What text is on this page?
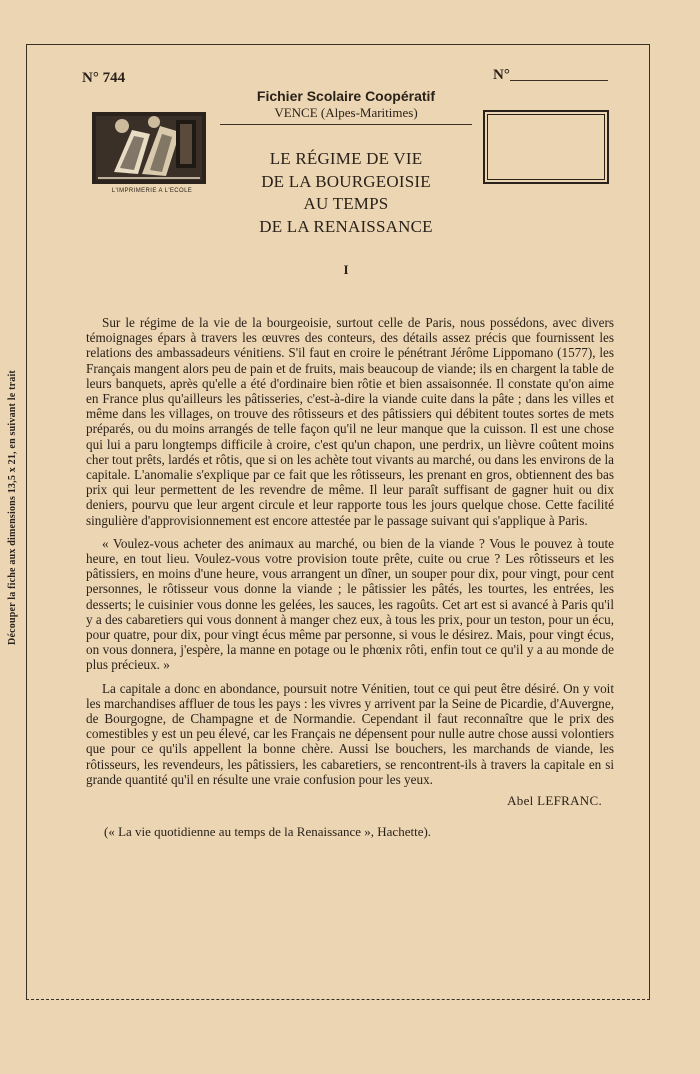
Découper la fiche aux dimensions 13,5 x 21, en suivant le trait
N° 744	N°
Fichier Scolaire Coopératif
VENCE (Alpes-Maritimes)
L'IMPRIMERIE A L'ECOLE
LE RÉGIME DE VIE
DE LA BOURGEOISIE
AU TEMPS
DE LA RENAISSANCE
I

Sur le régime de la vie de la bourgeoisie, surtout celle de Paris, nous possédons, avec divers témoignages épars à travers les œuvres des conteurs, des détails assez précis que fournissent les relations des ambassadeurs vénitiens. S'il faut en croire le pénétrant Jérôme Lippomano (1577), les Français mangent alors peu de pain et de fruits, mais beaucoup de viande; ils en chargent la table de leurs banquets, après qu'elle a été d'ordinaire bien rôtie et bien assaisonnée. Il constate qu'on aime en France plus qu'ailleurs les pâtisseries, c'est-à-dire la viande cuite dans la pâte ; dans les villes et même dans les villages, on trouve des rôtisseurs et des pâtissiers qui débitent toutes sortes de mets préparés, ou du moins arrangés de telle façon qu'il ne leur manque que la cuisson. Il est une chose qui lui a paru longtemps difficile à croire, c'est qu'un chapon, une perdrix, un lièvre coûtent moins cher tout prêts, lardés et rôtis, que si on les achète tout vivants au marché, ou dans les environs de la capitale. L'anomalie s'explique par ce fait que les rôtisseurs, les prenant en gros, obtiennent des bas prix qui leur permettent de les revendre de même. Il leur paraît suffisant de gagner huit ou dix deniers, pourvu que leur argent circule et leur rapporte tous les jours quelque chose. Cette facilité singulière d'approvisionnement est encore attestée par le passage suivant qui s'applique à Paris.

« Voulez-vous acheter des animaux au marché, ou bien de la viande ? Vous le pouvez à toute heure, en tout lieu. Voulez-vous votre provision toute prête, cuite ou crue ? Les rôtisseurs et les pâtissiers, en moins d'une heure, vous arrangent un dîner, un souper pour dix, pour vingt, pour cent personnes, le rôtisseur vous donne la viande ; le pâtissier les pâtés, les tourtes, les entrées, les desserts; le cuisinier vous donne les gelées, les sauces, les ragoûts. Cet art est si avancé à Paris qu'il y a des cabaretiers qui vous donnent à manger chez eux, à tous les prix, pour un teston, pour un écu, pour quatre, pour dix, pour vingt écus même par personne, si vous le désirez. Mais, pour vingt écus, on vous donnera, j'espère, la manne en potage ou le phœnix rôti, enfin tout ce qu'il y a au monde de plus précieux. »

La capitale a donc en abondance, poursuit notre Vénitien, tout ce qui peut être désiré. On y voit les marchandises affluer de tous les pays : les vivres y arrivent par la Seine de Picardie, d'Auvergne, de Bourgogne, de Champagne et de Normandie. Cependant il faut reconnaître que le prix des comestibles y est un peu élevé, car les Français ne dépensent pour nulle autre chose aussi volontiers que pour ce qu'ils appellent la bonne chère. Aussi lse bouchers, les marchands de viande, les rôtisseurs, les revendeurs, les pâtissiers, les cabaretiers, se rencontrent-ils à travers la capitale en si grande quantité qu'il en résulte une vraie confusion pour les yeux.

Abel LEFRANC.
(« La vie quotidienne au temps de la Renaissance », Hachette).
